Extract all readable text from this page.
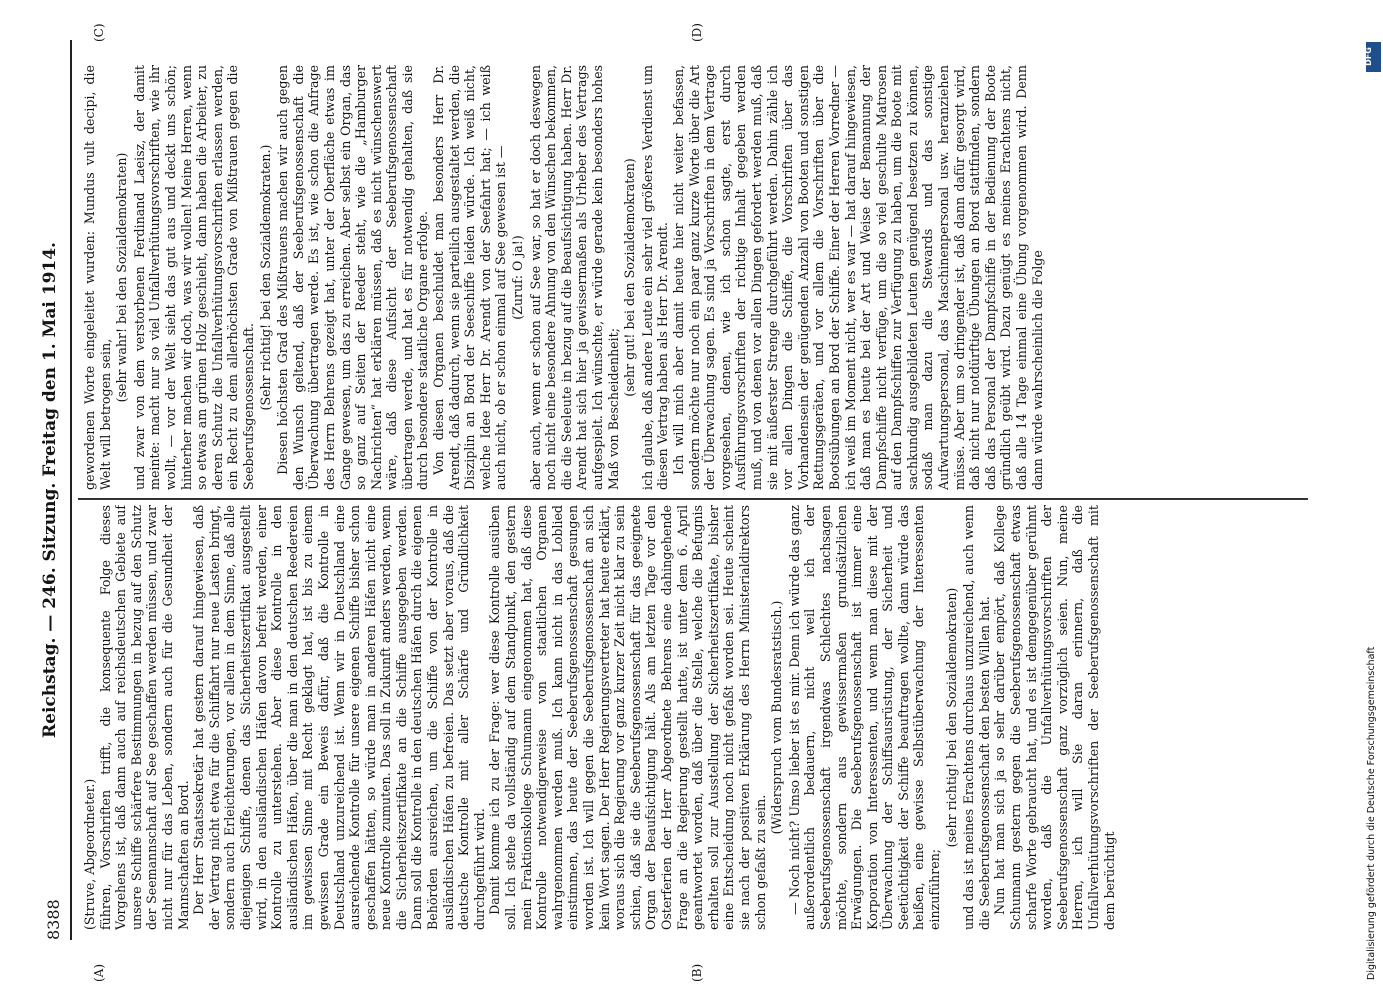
8388
Reichstag. — 246. Sitzung. Freitag den 1. Mai 1914.
(A)	(B)
(C)	(D)

(Struve, Abgeordneter.) führen, Vorschriften trifft, die konsequente Folge dieses Vorgehens ist, daß dann auch auf reichsdeutschen Gebiete auf unsere Schiffe schärfere Bestimmungen in bezug auf den Schutz der Seemannschaft auf See geschaffen werden müssen, und zwar nicht nur für das Leben, sondern auch für die Gesundheit der Mannschaften an Bord. Der Herr Staatssekretär hat gestern darauf hingewiesen, daß der Vertrag nicht etwa für die Schiffahrt nur neue Lasten bringt, sondern auch Erleichterungen, vor allem in dem Sinne, daß alle diejenigen Schiffe, denen das Sicherheitszertifikat ausgestellt wird, in den ausländischen Häfen davon befreit werden, einer Kontrolle zu unterstehen. Aber diese Kontrolle in den ausländischen Häfen, über die man in den deutschen Reedereien im gewissen Sinne mit Recht geklagt hat, ist bis zu einem gewissen Grade ein Beweis dafür, daß die Kontrolle in Deutschland unzureichend ist. Wenn wir in Deutschland eine ausreichende Kontrolle für unsere eigenen Schiffe bisher schon geschaffen hätten, so würde man in anderen Häfen nicht eine neue Kontrolle zumuten. Das soll in Zukunft anders werden, wenn die Sicherheitszertifikate an die Schiffe ausgegeben werden. Dann soll die Kontrolle in den deutschen Häfen durch die eigenen Behörden ausreichen, um die Schiffe von der Kontrolle in ausländischen Häfen zu befreien. Das setzt aber voraus, daß die deutsche Kontrolle mit aller Schärfe und Gründlichkeit durchgeführt wird. Damit komme ich zu der Frage: wer diese Kontrolle ausüben soll. Ich stehe da vollständig auf dem Standpunkt, den gestern mein Fraktionskollege Schumann eingenommen hat, daß diese Kontrolle notwendigerweise von staatlichen Organen wahrgenommen werden muß. Ich kann nicht in das Loblied einstimmen, das heute der Seeberufsgenossenschaft gesungen worden ist. Ich will gegen die Seeberufsgenossenschaft an sich kein Wort sagen. Der Herr Regierungsvertreter hat heute erklärt, woraus sich die Regierung vor ganz kurzer Zeit nicht klar zu sein schien, daß sie die Seeberufsgenossenschaft für das geeignete Organ der Beaufsichtigung hält. Als am letzten Tage vor den Osterferien der Herr Abgeordnete Behrens eine dahingehende Frage an die Regierung gestellt hatte, ist unter dem 6. April geantwortet worden, daß über die Stelle, welche die Befugnis erhalten soll zur Ausstellung der Sicherheitszertifikate, bisher eine Entscheidung noch nicht gefaßt worden sei. Heute scheint sie nach der positiven Erklärung des Herrn Ministerialdirektors schon gefaßt zu sein.

(Widerspruch vom Bundesratstisch.) — Noch nicht? Umso lieber ist es mir. Denn ich würde das ganz außerordentlich bedauern, nicht weil ich der Seeberufsgenossenschaft irgendwas Schlechtes nachsagen möchte, sondern aus gewissermaßen grundsätzlichen Erwägungen. Die Seeberufsgenossenschaft ist immer eine Korporation von Interessenten, und wenn man diese mit der Überwachung der Schiffsausrüstung, der Sicherheit und Seetüchtigkeit der Schiffe beauftragen wollte, dann würde das heißen, eine gewisse Selbstüberwachung der Interessenten einzuführen;

(sehr richtig! bei den Sozialdemokraten) und das ist meines Erachtens durchaus unzureichend, auch wenn die Seeberufsgenossenschaft den besten Willen hat. Nun hat man sich ja so sehr darüber empört, daß Kollege Schumann gestern gegen die Seeberufsgenossenschaft etwas scharfe Worte gebraucht hat, und es ist demgegenüber gerühmt worden, daß die Unfallverhütungsvorschriften der Seeberufsgenossenschaft ganz vorzüglich seien. Nun, meine Herren, ich will Sie daran erinnern, daß die Unfallverhütungsvorschriften der Seeberufsgenossenschaft mit dem berüchtigt

gewordenen Worte eingeleitet wurden: Mundus vult decipi, die Welt will betrogen sein,

(sehr wahr! bei den Sozialdemokraten) und zwar von dem verstorbenen Ferdinand Laeisz, der damit meinte: macht nur so viel Unfallverhütungsvorschriften, wie ihr wollt, — vor der Welt sieht das gut aus und deckt uns schön; hinterher machen wir doch, was wir wollen! Meine Herren, wenn so etwas am grünen Holz geschieht, dann haben die Arbeiter, zu deren Schutz die Unfallverhütungsvorschriften erlassen werden, ein Recht zu dem allerhöchsten Grade von Mißtrauen gegen die Seeberufsgenossenschaft. (Sehr richtig! bei den Sozialdemokraten.) Diesen höchsten Grad des Mißtrauens machen wir auch gegen den Wunsch geltend, daß der Seeberufsgenossenschaft die Überwachung übertragen werde. Es ist, wie schon die Anfrage des Herrn Behrens gezeigt hat, unter der Oberfläche etwas im Gange gewesen, um das zu erreichen. Aber selbst ein Organ, das so ganz auf Seiten der Reeder steht, wie die „Hamburger Nachrichten“ hat erklären müssen, daß es nicht wünschenswert wäre, daß diese Aufsicht der Seeberufsgenossenschaft übertragen werde, und hat es für notwendig gehalten, daß sie durch besondere staatliche Organe erfolge. Von diesen Organen beschuldet man besonders Herr Dr. Arendt, daß dadurch, wenn sie parteilich ausgestaltet werden, die Disziplin an Bord der Seeschiffe leiden würde. Ich weiß nicht, welche Idee Herr Dr. Arendt von der Seefahrt hat; — ich weiß auch nicht, ob er schon einmal auf See gewesen ist — (Zuruf: O ja!) aber auch, wenn er schon auf See war, so hat er doch deswegen noch nicht eine besondere Ahnung von den Wünschen bekommen, die die Seeleute in bezug auf die Beaufsichtigung haben. Herr Dr. Arendt hat sich hier ja gewissermaßen als Urheber des Vertrags aufgespielt. Ich wünschte, er würde gerade kein besonders hohes Maß von Bescheidenheit;

(sehr gut! bei den Sozialdemokraten) ich glaube, daß andere Leute ein sehr viel größeres Verdienst um diesen Vertrag haben als Herr Dr. Arendt. Ich will mich aber damit heute hier nicht weiter befassen, sondern möchte nur noch ein paar ganz kurze Worte über die Art der Überwachung sagen. Es sind ja Vorschriften in dem Vertrage vorgesehen, denen, wie ich schon sagte, erst durch Ausführungsvorschriften der richtige Inhalt gegeben werden muß, und von denen vor allen Dingen gefordert werden muß, daß sie mit äußerster Strenge durchgeführt werden. Dahin zähle ich vor allen Dingen die Schiffe, die Vorschriften über das Vorhandensein der genügenden Anzahl von Booten und sonstigen Rettungsgeräten, und vor allem die Vorschriften über die Bootsübungen an Bord der Schiffe. Einer der Herren Vorredner — ich weiß im Moment nicht, wer es war — hat darauf hingewiesen, daß man es heute bei der Art und Weise der Bemannung der Dampfschiffe nicht verfüge, um die so viel geschulte Matrosen auf den Dampfschiffen zur Verfügung zu haben, um die Boote mit sachkundig ausgebildeten Leuten genügend besetzen zu können, sodaß man dazu die Stewards und das sonstige Aufwartungspersonal, das Maschinenpersonal usw. heranziehen müsse. Aber um so dringender ist, daß dann dafür gesorgt wird, daß nicht nur notdürftige Übungen an Bord stattfinden, sondern daß das Personal der Dampfschiffe in der Bedienung der Boote gründlich geübt wird. Dazu genügt es meines Erachtens nicht, daß alle 14 Tage einmal eine Übung vorgenommen wird. Denn dann würde wahrscheinlich die Folge

DFG
Digitalisierung gefördert durch die Deutsche Forschungsgemeinschaft
